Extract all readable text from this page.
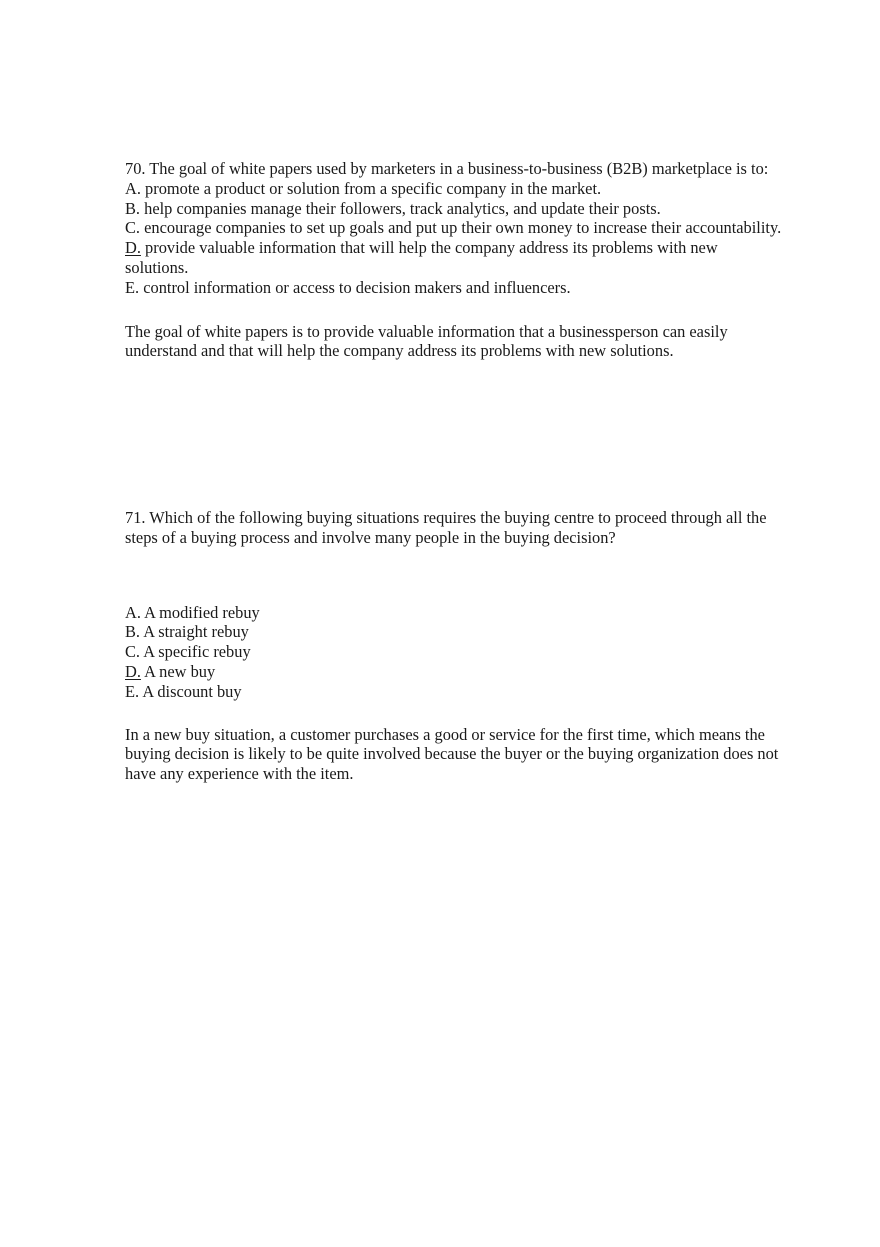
70. The goal of white papers used by marketers in a business-to-business (B2B) marketplace is to:

A. promote a product or solution from a specific company in the market.

B. help companies manage their followers, track analytics, and update their posts.

C. encourage companies to set up goals and put up their own money to increase their accountability.

D. provide valuable information that will help the company address its problems with new solutions.

E. control information or access to decision makers and influencers.

The goal of white papers is to provide valuable information that a businessperson can easily understand and that will help the company address its problems with new solutions.

71. Which of the following buying situations requires the buying centre to proceed through all the steps of a buying process and involve many people in the buying decision?

A. A modified rebuy

B. A straight rebuy

C. A specific rebuy

D. A new buy

E. A discount buy

In a new buy situation, a customer purchases a good or service for the first time, which means the buying decision is likely to be quite involved because the buyer or the buying organization does not have any experience with the item.
